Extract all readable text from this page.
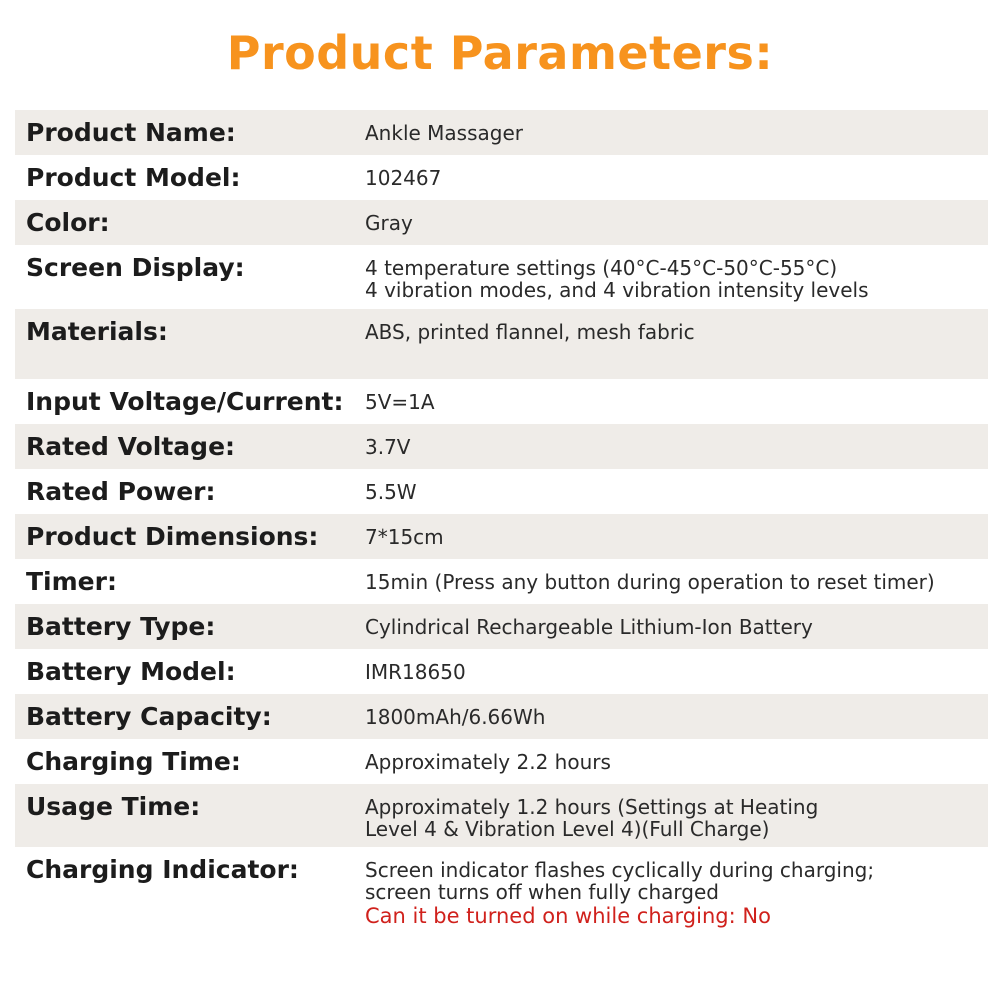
Product Parameters:
Product Name:	Ankle Massager
Product Model:	102467
Color:	Gray
Screen Display:	4 temperature settings (40°C-45°C-50°C-55°C)
4 vibration modes, and 4 vibration intensity levels
Materials:	ABS, printed flannel, mesh fabric
Input Voltage/Current:	5V=1A
Rated Voltage:	3.7V
Rated Power:	5.5W
Product Dimensions:	7*15cm
Timer:	15min (Press any button during operation to reset timer)
Battery Type:	Cylindrical Rechargeable Lithium-Ion Battery
Battery Model:	IMR18650
Battery Capacity:	1800mAh/6.66Wh
Charging Time:	Approximately 2.2 hours
Usage Time:	Approximately 1.2 hours (Settings at Heating
Level 4 & Vibration Level 4)(Full Charge)
Charging Indicator:	Screen indicator flashes cyclically during charging;
screen turns off when fully charged
Can it be turned on while charging: No
